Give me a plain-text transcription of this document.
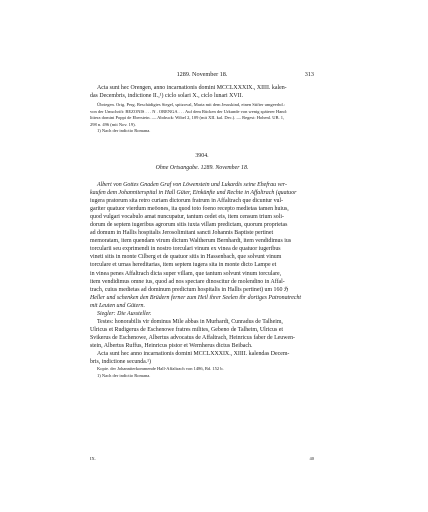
1289. November 18.	313

Acta sunt hec Orengen, anno incarnationis domini MCCLXXXIX., XIIII. kalen-

das Decembris, indictione II.,¹) ciclo solari X., ciclo lunari XVII.

Übriegen. Orig. Perg. Beschädigtes Siegel, spitzoval, Maria mit dem Jesuskind, einen Stifter umgeerhd.:

von der Umschrift: BEZONIS . . . N . ORENGA . . . Auf dem Rücken der Urkunde von wenig späterer Hand:

littera domini Poppi de Eberstein. — Abdruck: Wibel 2, 109 (mit XII. kal. Dec.). — Regest: Hohenl. UB. 1,

298 n. 496 (mit Nov. 19).

1) Nach der indictio Romana.

3904.

Ohne Ortsangabe. 1289. November 18.

Albert von Gottes Gnaden Graf von Löwenstein und Lukardis seine Ehefrau ver-

kaufen dem Johanniterspital in Hall Güter, Einkünfte und Rechte in Affaltrach (quatuor

iugera pratorum sita retro curiam dictorum fratrum in Affaltrach que dicuntur vul-

gariter quatuor vierdum meöones, ita quod toto foeno recepto medietas tamen huius,

quod vulgari vocabulo amat nuncupatur, tantum cedet eis, item censum trium soli-

dorum de septem iugeribus agrorum sitis iuxta villam predictam, quorum proprietas

ad domum in Hallis hospitalis Jerosolimitani sancti Johannis Baptiste pertinet

memoratam, item quendam virum dictum Waltherum Bernhardt, item vendidimus ius

torcularii seu exprimendi in nostro torculari vinum ex vinea de quatuor iugeribus

vineti sitis in monte Cilberg et de quatuor sitis in Hassenbach, que solvunt vinum

torculare et urnas hereditarias, item septem iugera sita in monte dicto Lampe et

in vinea penes Affaltrach dicta super villam, que tantum solvunt vinum torculare,

item vendidimus omne ius, quod ad nos spectare dinoscitur de molendino in Affal-

trach, cuius medietas ad dominum predictum hospitalis in Hallis pertinet) um 160 ℌ

Heller und schenken den Brüdern ferner zum Heil ihrer Seelen ihr dortiges Patronatrecht

mit Leuten und Gütern.

Siegler: Die Aussteller.

Testes: honorabilis vir dominus Mile abbas in Murhardt, Cunradus de Talheim,

Ulricus et Rudigerus de Eschenowe fratres milites, Gebeno de Talheim, Ulricus et

Svikerus de Eschenowe, Albertus advocatus de Affaltrach, Heinricus faber de Leuwen-

stein, Albertus Ruffus, Heinricus pistor et Wernherus dictus Beibach.

Acta sunt hec anno incarnationis domini MCCLXXXIX., XIIII. kalendas Decem-

bris, indictione secunda.¹)

Kopie. der Johanniterkommende Hall-Affaltrach von 1486, Bd. 152 b.

1) Nach der indictio Romana.

IX.	40
